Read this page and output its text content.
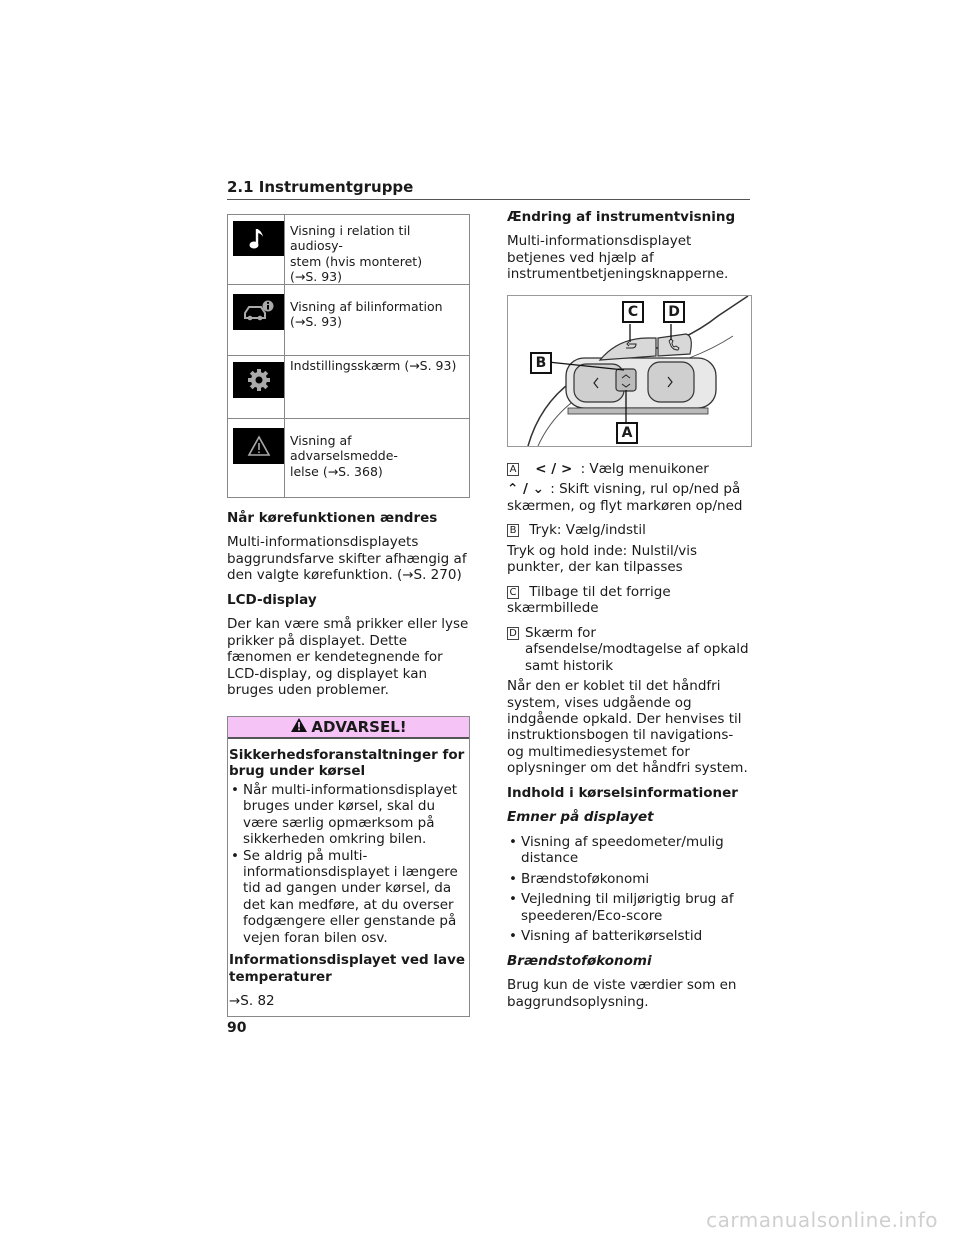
2.1 Instrumentgruppe
	Visning i relation til audiosy-
stem (hvis monteret)
(→S. 93)

	Visning af bilinformation
(→S. 93)

	Indstillingsskærm (→S. 93)

	Visning af advarselsmedde-
lelse (→S. 368)
Når kørefunktionen ændres

Multi-informationsdisplayets baggrundsfarve skifter afhængig af den valgte kørefunktion. (→S. 270)

LCD-display

Der kan være små prikker eller lyse prikker på displayet. Dette fænomen er kendetegnende for LCD-display, og displayet kan bruges uden problemer.

ADVARSEL!
Sikkerhedsforanstaltninger for brug under kørsel
• Når multi-informationsdisplayet bruges under kørsel, skal du være særlig opmærksom på sikkerheden omkring bilen.
• Se aldrig på multi-informationsdisplayet i længere tid ad gangen under kørsel, da det kan medføre, at du overser fodgængere eller genstande på vejen foran bilen osv.
Informationsdisplayet ved lave temperaturer

→S. 82

Ændring af instrumentvisning

Multi-informationsdisplayet betjenes ved hjælp af instrumentbetjeningsknapperne.

C	D
B
A
A < / > : Vælg menuikoner
⌃ / ⌄ : Skift visning, rul op/ned på skærmen, og flyt markøren op/ned
B Tryk: Vælg/indstil

Tryk og hold inde: Nulstil/vis punkter, der kan tilpasses

C Tilbage til det forrige skærmbillede
D Skærm for afsendelse/modtagelse af opkald samt historik

Når den er koblet til det håndfri system, vises udgående og indgående opkald. Der henvises til instruktionsbogen til navigations- og multimediesystemet for oplysninger om det håndfri system.

Indhold i kørselsinformationer
Emner på displayet
• Visning af speedometer/mulig distance
• Brændstoføkonomi
• Vejledning til miljørigtig brug af speederen/Eco-score
• Visning af batterikørselstid
Brændstoføkonomi

Brug kun de viste værdier som en baggrundsoplysning.

90
carmanualsonline.info
